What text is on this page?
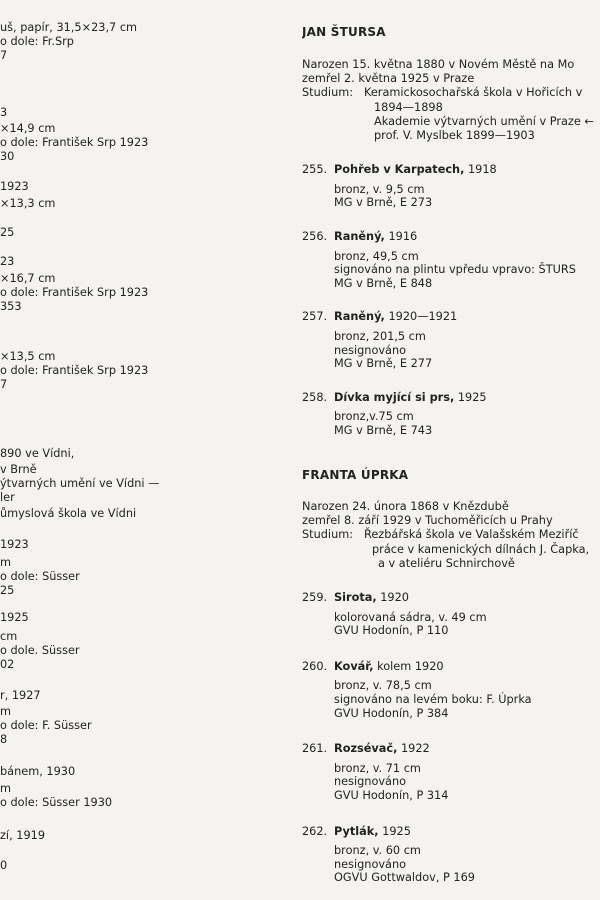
uš, papír, 31,5×23,7 cm
o dole: Fr.Srp
7
3
×14,9 cm
o dole: František Srp 1923
30
1923
×13,3 cm
25
23
×16,7 cm
o dole: František Srp 1923
353
×13,5 cm
o dole: František Srp 1923
7
890 ve Vídni,
v Brně
ýtvarných umění ve Vídni —
ler
ůmyslová škola ve Vídni
1923
m
o dole: Süsser
25
1925
cm
o dole. Süsser
02
r, 1927
m
o dole: F. Süsser
8
bánem, 1930
m
o dole: Süsser 1930
zí, 1919
0
JAN ŠTURSA
Narozen 15. května 1880 v Novém Městě na Mo
zemřel 2. května 1925 v Praze
Studium: Keramickosochařská škola v Hořicích v
1894—1898
Akademie výtvarných umění v Praze ←
prof. V. Myslbek 1899—1903
255. Pohřeb v Karpatech, 1918
bronz, v. 9,5 cm
MG v Brně, E 273
256. Raněný, 1916
bronz, 49,5 cm
signováno na plintu vpředu vpravo: ŠTURS
MG v Brně, E 848
257. Raněný, 1920—1921
bronz, 201,5 cm
nesignováno
MG v Brně, E 277
258. Dívka myjící si prs, 1925
bronz,v.75 cm
MG v Brně, E 743
FRANTA ÚPRKA
Narozen 24. února 1868 v Knězdubě
zemřel 8. září 1929 v Tuchoměřicích u Prahy
Studium: Řezbářská škola ve Valašském Meziříč
práce v kamenických dílnách J. Čapka,
a v ateliéru Schnirchově
259. Sirota, 1920
kolorovaná sádra, v. 49 cm
GVU Hodonín, P 110
260. Kovář, kolem 1920
bronz, v. 78,5 cm
signováno na levém boku: F. Úprka
GVU Hodonín, P 384
261. Rozsévač, 1922
bronz, v. 71 cm
nesignováno
GVU Hodonín, P 314
262. Pytlák, 1925
bronz, v. 60 cm
nesignováno
OGVU Gottwaldov, P 169
